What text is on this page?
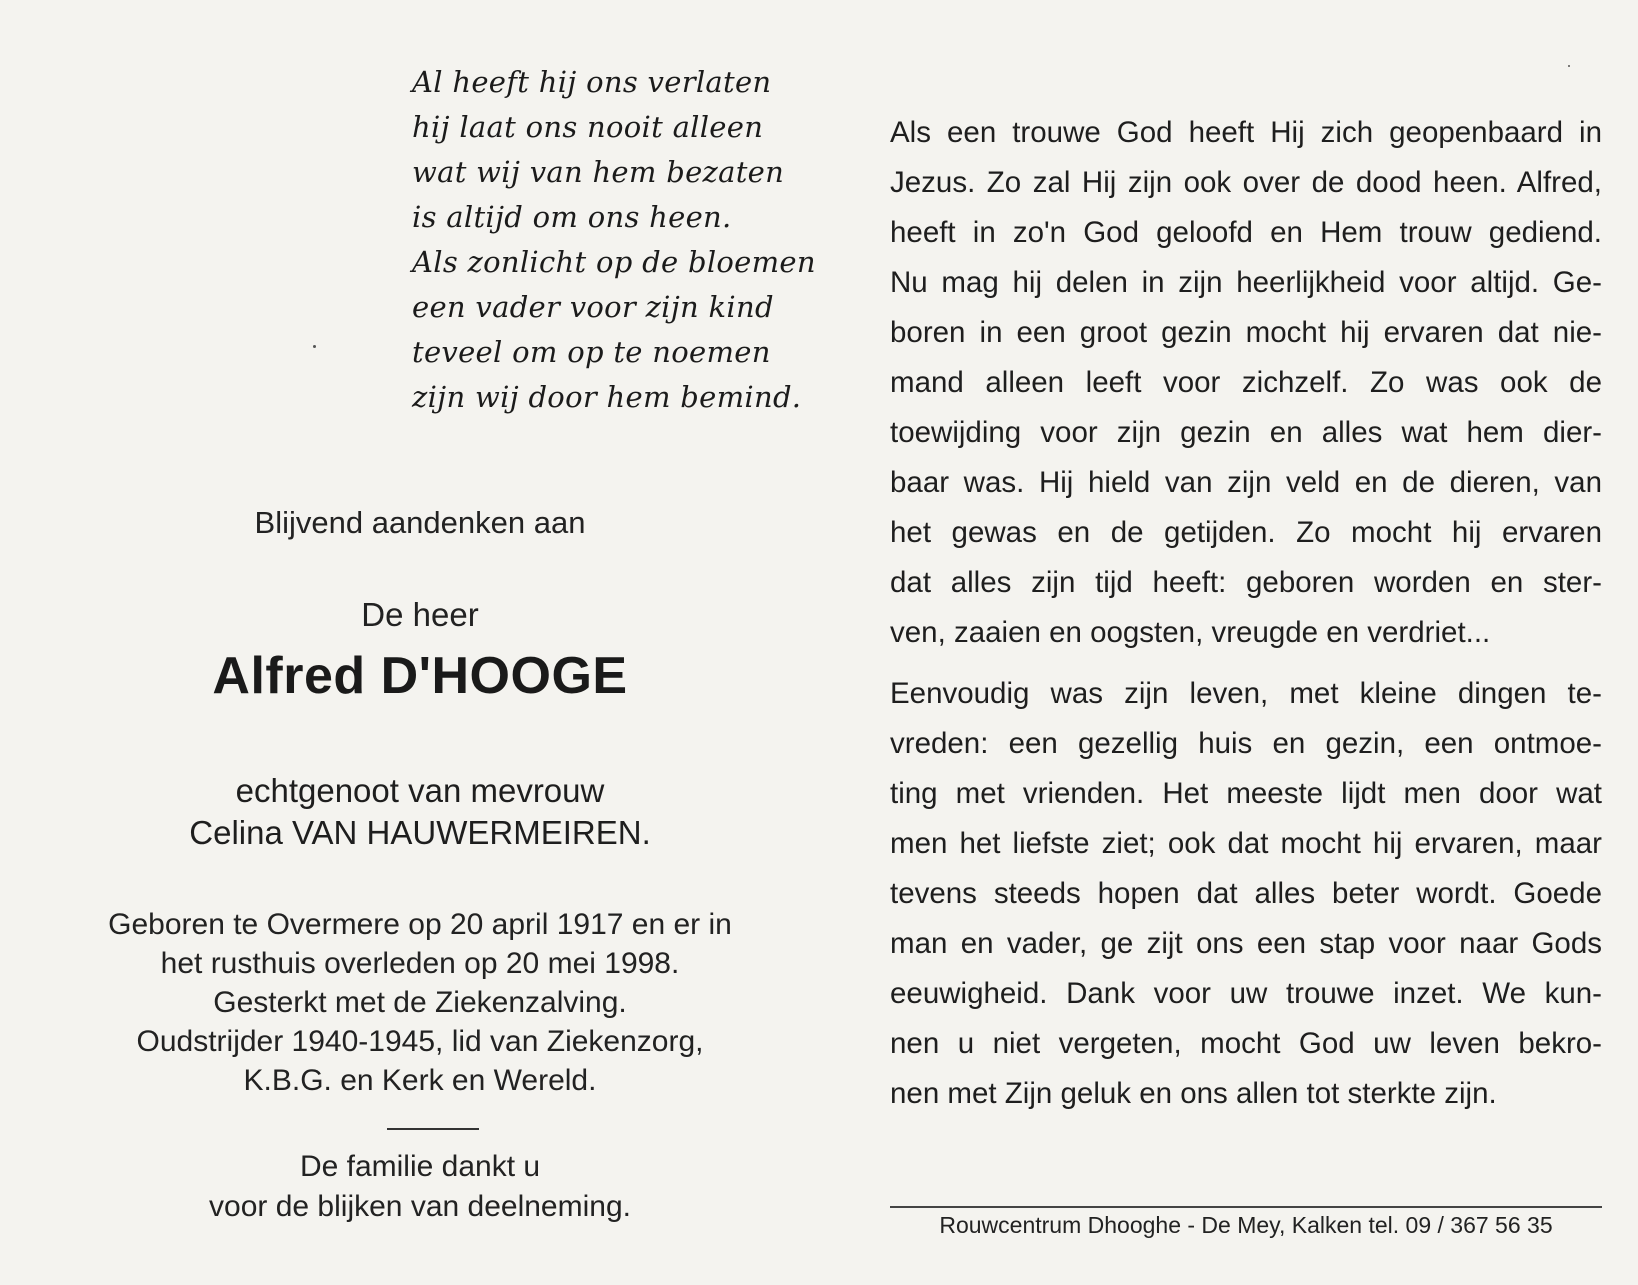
Al heeft hij ons verlaten
hij laat ons nooit alleen
wat wij van hem bezaten
is altijd om ons heen.
Als zonlicht op de bloemen
een vader voor zijn kind
teveel om op te noemen
zijn wij door hem bemind.
Blijvend aandenken aan
De heer
Alfred D'HOOGE
echtgenoot van mevrouw
Celina VAN HAUWERMEIREN.
Geboren te Overmere op 20 april 1917 en er in
het rusthuis overleden op 20 mei 1998.
Gesterkt met de Ziekenzalving.
Oudstrijder 1940-1945, lid van Ziekenzorg,
K.B.G. en Kerk en Wereld.
De familie dankt u
voor de blijken van deelneming.
Als een trouwe God heeft Hij zich geopenbaard in
Jezus. Zo zal Hij zijn ook over de dood heen. Alfred,
heeft in zo'n God geloofd en Hem trouw gediend.
Nu mag hij delen in zijn heerlijkheid voor altijd. Ge-
boren in een groot gezin mocht hij ervaren dat nie-
mand alleen leeft voor zichzelf. Zo was ook de
toewijding voor zijn gezin en alles wat hem dier-
baar was. Hij hield van zijn veld en de dieren, van
het gewas en de getijden. Zo mocht hij ervaren
dat alles zijn tijd heeft: geboren worden en ster-
ven, zaaien en oogsten, vreugde en verdriet...
Eenvoudig was zijn leven, met kleine dingen te-
vreden: een gezellig huis en gezin, een ontmoe-
ting met vrienden. Het meeste lijdt men door wat
men het liefste ziet; ook dat mocht hij ervaren, maar
tevens steeds hopen dat alles beter wordt. Goede
man en vader, ge zijt ons een stap voor naar Gods
eeuwigheid. Dank voor uw trouwe inzet. We kun-
nen u niet vergeten, mocht God uw leven bekro-
nen met Zijn geluk en ons allen tot sterkte zijn.
Rouwcentrum Dhooghe - De Mey, Kalken tel. 09 / 367 56 35
